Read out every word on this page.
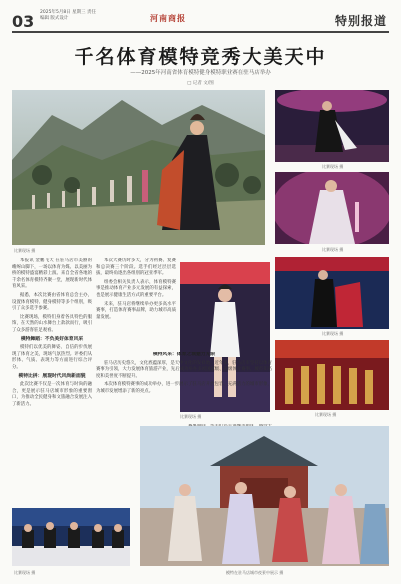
03 2025年5月8日 星期三 责任编辑 版式设计	河南商报	特别报道
千名体育模特竞秀大美天中
——2025年河南省体育模特健身模特职业赛在驻马店举办
□ 记者 文/图
比赛现场 摄
比赛现场 摄
比赛现场 摄
比赛现场 摄
比赛现场 摄

本报讯 金鹏飞天 在驻马店市美丽的嵖岈山脚下，一场以体育为媒、以美丽为桥的模特盛宴精彩上演。来自全省各地的千余名体育模特齐聚一堂，展现新时代体育风采。

据悉，本次比赛由省体育总会主办，设置体育模特、健身模特等多个组别，吸引了众多选手参赛。

比赛现场，模特们身着各具特色的服饰，在天然的山水舞台上款款而行，吸引了众多游客驻足观看。

模特舞蹈：不负美好体育风采

模特们以优美的舞姿、自信的步伐展现了体育之美，现场气氛热烈。评委们从形体、气质、表现力等方面进行综合评分。

模特比拼：展现时代风尚新面貌

此次比赛不仅是一次体育与时尚的融合，更是展示驻马店城市形象的重要窗口，为推动全民健身和文旅融合发展注入了新活力。

本次大赛历时多天，分为初赛、复赛和总决赛三个阶段。选手们经过层层选拔，最终角逐出各组别的冠亚季军。

组委会相关负责人表示，体育模特赛事是推动体育产业多元发展的有益探索，也是展示健康生活方式的重要平台。

未来，驻马店将继续举办更多高水平赛事，打造体育赛事品牌，助力城市高质量发展。

比赛现场 摄

模特风采：体育之城魅力无限

驻马店历史悠久，文化底蕴深厚，是天中文化的发祥地。近年来，驻马店市坚持以体育赛事为引领，大力发展体育旅游产业，先后成功举办多项国家级、省级体育赛事，城市知名度和美誉度不断提升。

本次体育模特赛事的成功举办，进一步展示了驻马店开放包容、充满活力的城市形象，为城市发展增添了新的亮点。

比赛现场 摄	模特在驻马店城市夜景中展示 摄
